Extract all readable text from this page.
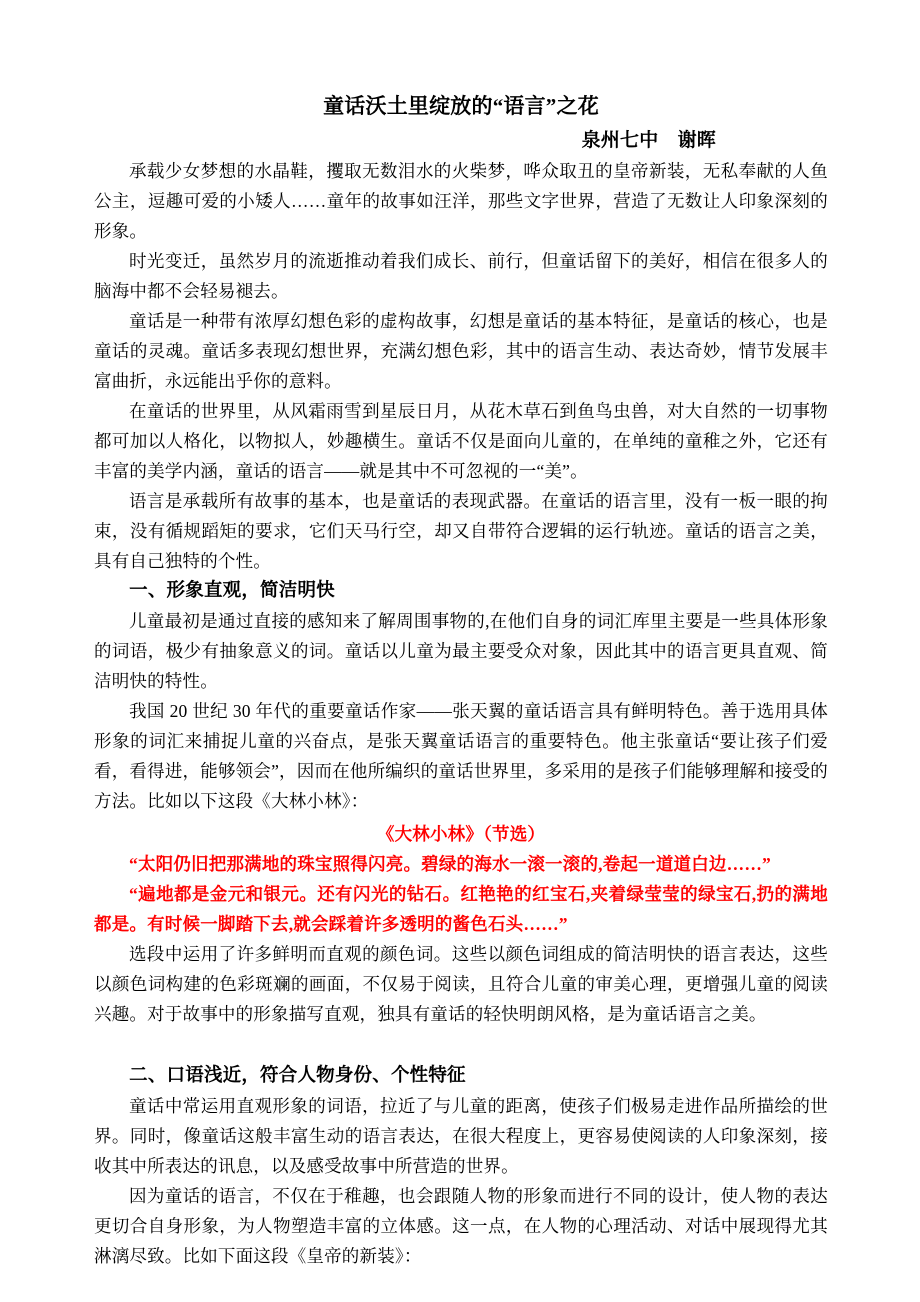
童话沃土里绽放的“语言”之花
泉州七中　谢晖
承载少女梦想的水晶鞋，攫取无数泪水的火柴梦，哗众取丑的皇帝新装，无私奉献的人鱼公主，逗趣可爱的小矮人……童年的故事如汪洋，那些文字世界，营造了无数让人印象深刻的形象。
时光变迁，虽然岁月的流逝推动着我们成长、前行，但童话留下的美好，相信在很多人的脑海中都不会轻易褪去。
童话是一种带有浓厚幻想色彩的虚构故事，幻想是童话的基本特征，是童话的核心，也是童话的灵魂。童话多表现幻想世界，充满幻想色彩，其中的语言生动、表达奇妙，情节发展丰富曲折，永远能出乎你的意料。
在童话的世界里，从风霜雨雪到星辰日月，从花木草石到鱼鸟虫兽，对大自然的一切事物都可加以人格化，以物拟人，妙趣横生。童话不仅是面向儿童的，在单纯的童稚之外，它还有丰富的美学内涵，童话的语言——就是其中不可忽视的一“美”。
语言是承载所有故事的基本，也是童话的表现武器。在童话的语言里，没有一板一眼的拘束，没有循规蹈矩的要求，它们天马行空，却又自带符合逻辑的运行轨迹。童话的语言之美，具有自己独特的个性。
一、形象直观，简洁明快
儿童最初是通过直接的感知来了解周围事物的,在他们自身的词汇库里主要是一些具体形象的词语，极少有抽象意义的词。童话以儿童为最主要受众对象，因此其中的语言更具直观、简洁明快的特性。
我国 20 世纪 30 年代的重要童话作家——张天翼的童话语言具有鲜明特色。善于选用具体形象的词汇来捕捉儿童的兴奋点，是张天翼童话语言的重要特色。他主张童话“要让孩子们爱看，看得进，能够领会”，因而在他所编织的童话世界里，多采用的是孩子们能够理解和接受的方法。比如以下这段《大林小林》：
《大林小林》（节选）
“太阳仍旧把那满地的珠宝照得闪亮。碧绿的海水一滚一滚的,卷起一道道白边……”
“遍地都是金元和银元。还有闪光的钻石。红艳艳的红宝石,夹着绿莹莹的绿宝石,扔的满地都是。有时候一脚踏下去,就会踩着许多透明的酱色石头……”
选段中运用了许多鲜明而直观的颜色词。这些以颜色词组成的简洁明快的语言表达，这些以颜色词构建的色彩斑斓的画面，不仅易于阅读，且符合儿童的审美心理，更增强儿童的阅读兴趣。对于故事中的形象描写直观，独具有童话的轻快明朗风格，是为童话语言之美。
二、口语浅近，符合人物身份、个性特征
童话中常运用直观形象的词语，拉近了与儿童的距离，使孩子们极易走进作品所描绘的世界。同时，像童话这般丰富生动的语言表达，在很大程度上，更容易使阅读的人印象深刻，接收其中所表达的讯息，以及感受故事中所营造的世界。
因为童话的语言，不仅在于稚趣，也会跟随人物的形象而进行不同的设计，使人物的表达更切合自身形象，为人物塑造丰富的立体感。这一点，在人物的心理活动、对话中展现得尤其淋漓尽致。比如下面这段《皇帝的新装》：
